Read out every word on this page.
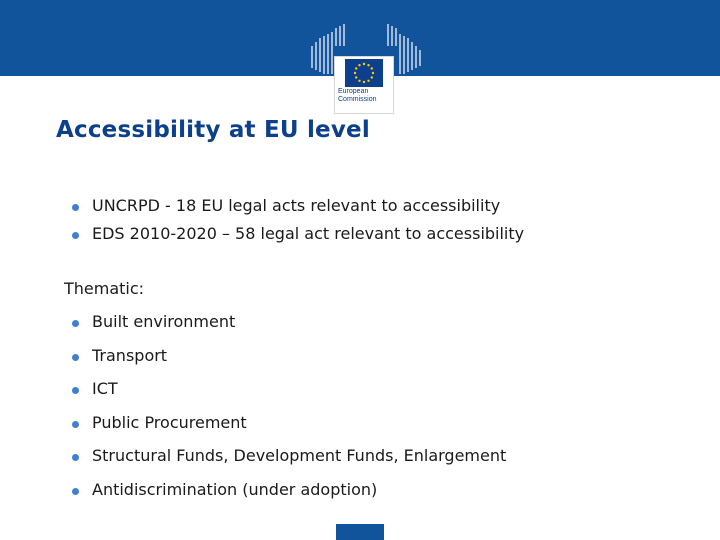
European
Commission
Accessibility at EU level
UNCRPD - 18 EU legal acts relevant to accessibility
EDS 2010-2020 – 58 legal act relevant to accessibility

Thematic:

Built environment
Transport
ICT
Public Procurement
Structural Funds, Development Funds, Enlargement
Antidiscrimination (under adoption)
